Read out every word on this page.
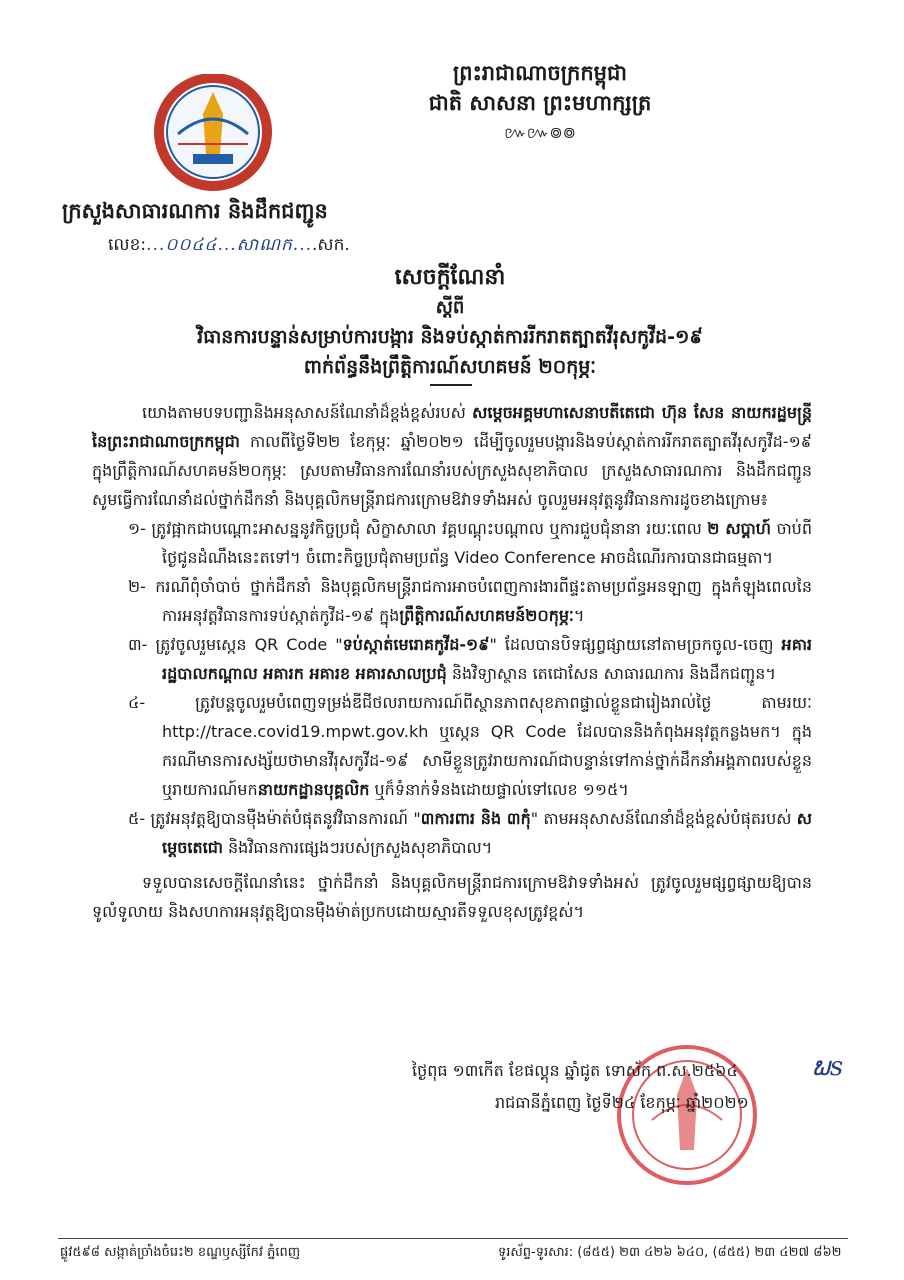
ព្រះរាជាណាចក្រកម្ពុជា
ជាតិ សាសនា ព្រះមហាក្សត្រ
៚៚៙៙
ក្រសួងសាធារណការ និងដឹកជញ្ជូន
លេខ:...០០៤៤...សាណក....សក.
សេចក្តីណែនាំ
ស្តីពី
វិធានការបន្ទាន់សម្រាប់ការបង្ការ និងទប់ស្កាត់ការរីករាតត្បាតវីរុសកូវីដ-១៩
ពាក់ព័ន្ធនឹងព្រឹត្តិការណ៍សហគមន៍ ២០កុម្ភៈ

យោងតាមបទបញ្ជានិងអនុសាសន៍ណែនាំដ៏ខ្ពង់ខ្ពស់របស់ សម្តេចអគ្គមហាសេនាបតីតេជោ ហ៊ុន សែន នាយករដ្ឋមន្ត្រី នៃព្រះរាជាណាចក្រកម្ពុជា កាលពីថ្ងៃទី២២ ខែកុម្ភៈ ឆ្នាំ២០២១ ដើម្បីចូលរួមបង្ការនិងទប់ស្កាត់ការរីករាតត្បាតវីរុសកូវីដ-១៩ ក្នុងព្រឹត្តិការណ៍សហគមន៍២០កុម្ភៈ ស្របតាមវិធានការណែនាំរបស់ក្រសួងសុខាភិបាល ក្រសួងសាធារណការ និងដឹកជញ្ជូន សូមធ្វើការណែនាំដល់ថ្នាក់ដឹកនាំ និងបុគ្គលិកមន្ត្រីរាជការក្រោមឱវាទទាំងអស់ ចូលរួមអនុវត្តនូវវិធានការដូចខាងក្រោម៖

១- ត្រូវផ្អាកជាបណ្តោះអាសន្ននូវកិច្ចប្រជុំ សិក្ខាសាលា វគ្គបណ្តុះបណ្តាល ឬការជួបជុំនានា រយៈពេល ២ សប្តាហ៍ ចាប់ពីថ្ងៃជូនដំណឹងនេះតទៅ។ ចំពោះកិច្ចប្រជុំតាមប្រព័ន្ធ Video Conference អាចដំណើរការបានជាធម្មតា។

២- ករណីពុំចាំបាច់ ថ្នាក់ដឹកនាំ និងបុគ្គលិកមន្ត្រីរាជការអាចបំពេញការងារពីផ្ទះតាមប្រព័ន្ធអនឡាញ ក្នុងកំឡុងពេលនៃការអនុវត្តវិធានការទប់ស្កាត់កូវីដ-១៩ ក្នុងព្រឹត្តិការណ៍សហគមន៍២០កុម្ភៈ។

៣- ត្រូវចូលរួមស្កេន QR Code "ទប់ស្កាត់មេរោគកូវីដ-១៩" ដែលបានបិទផ្សព្វផ្សាយនៅតាមច្រកចូល-ចេញ អគាររដ្ឋបាលកណ្តាល អគារក អគារខ អគារសាលប្រជុំ និងវិទ្យាស្ថាន តេជោសែន សាធារណការ និងដឹកជញ្ជូន។

៤-	ត្រូវបន្តចូលរួមបំពេញទម្រង់ឌីជីថលរាយការណ៍ពីស្ថានភាពសុខភាពផ្ទាល់ខ្លួនជារៀងរាល់ថ្ងៃ តាមរយៈ http://trace.covid19.mpwt.gov.kh ឬស្កេន QR Code ដែលបាននិងកំពុងអនុវត្តកន្លងមក។ ក្នុងករណីមានការសង្ស័យថាមានវីរុសកូវីដ-១៩ សាមីខ្លួនត្រូវរាយការណ៍ជាបន្ទាន់ទៅកាន់ថ្នាក់ដឹកនាំអង្គភាពរបស់ខ្លួន ឬរាយការណ៍មកនាយកដ្ឋានបុគ្គលិក ឬក៏ទំនាក់ទំនងដោយផ្ទាល់ទៅលេខ ១១៥។

៥- ត្រូវអនុវត្តឱ្យបានម៉ឺងម៉ាត់បំផុតនូវវិធានការណ៍ "៣ការពារ និង ៣កុំ" តាមអនុសាសន៍ណែនាំដ៏ខ្ពង់ខ្ពស់បំផុតរបស់ សម្តេចតេជោ និងវិធានការផ្សេងៗរបស់ក្រសួងសុខាភិបាល។

ទទួលបានសេចក្តីណែនាំនេះ ថ្នាក់ដឹកនាំ និងបុគ្គលិកមន្ត្រីរាជការក្រោមឱវាទទាំងអស់ ត្រូវចូលរួមផ្សព្វផ្សាយឱ្យបានទូលំទូលាយ និងសហការអនុវត្តឱ្យបានម៉ឺងម៉ាត់ប្រកបដោយស្មារតីទទួលខុសត្រូវខ្ពស់។

ថ្ងៃពុធ ១៣កើត ខែផល្គុន ឆ្នាំជូត ទោស័ក ព.ស.២៥៦៤
រាជធានីភ្នំពេញ ថ្ងៃទី២៤ ខែកុម្ភៈ ឆ្នាំ២០២១
ພs
ផ្លូវ៥៩៨ សង្កាត់ច្រាំងចំរេះ២ ខណ្ឌឫស្សីកែវ ភ្នំពេញ	ទូរស័ព្ទ-ទូរសារ: (៨៥៥) ២៣ ៤២៦ ៦៤០, (៨៥៥) ២៣ ៤២៧ ៨៦២
